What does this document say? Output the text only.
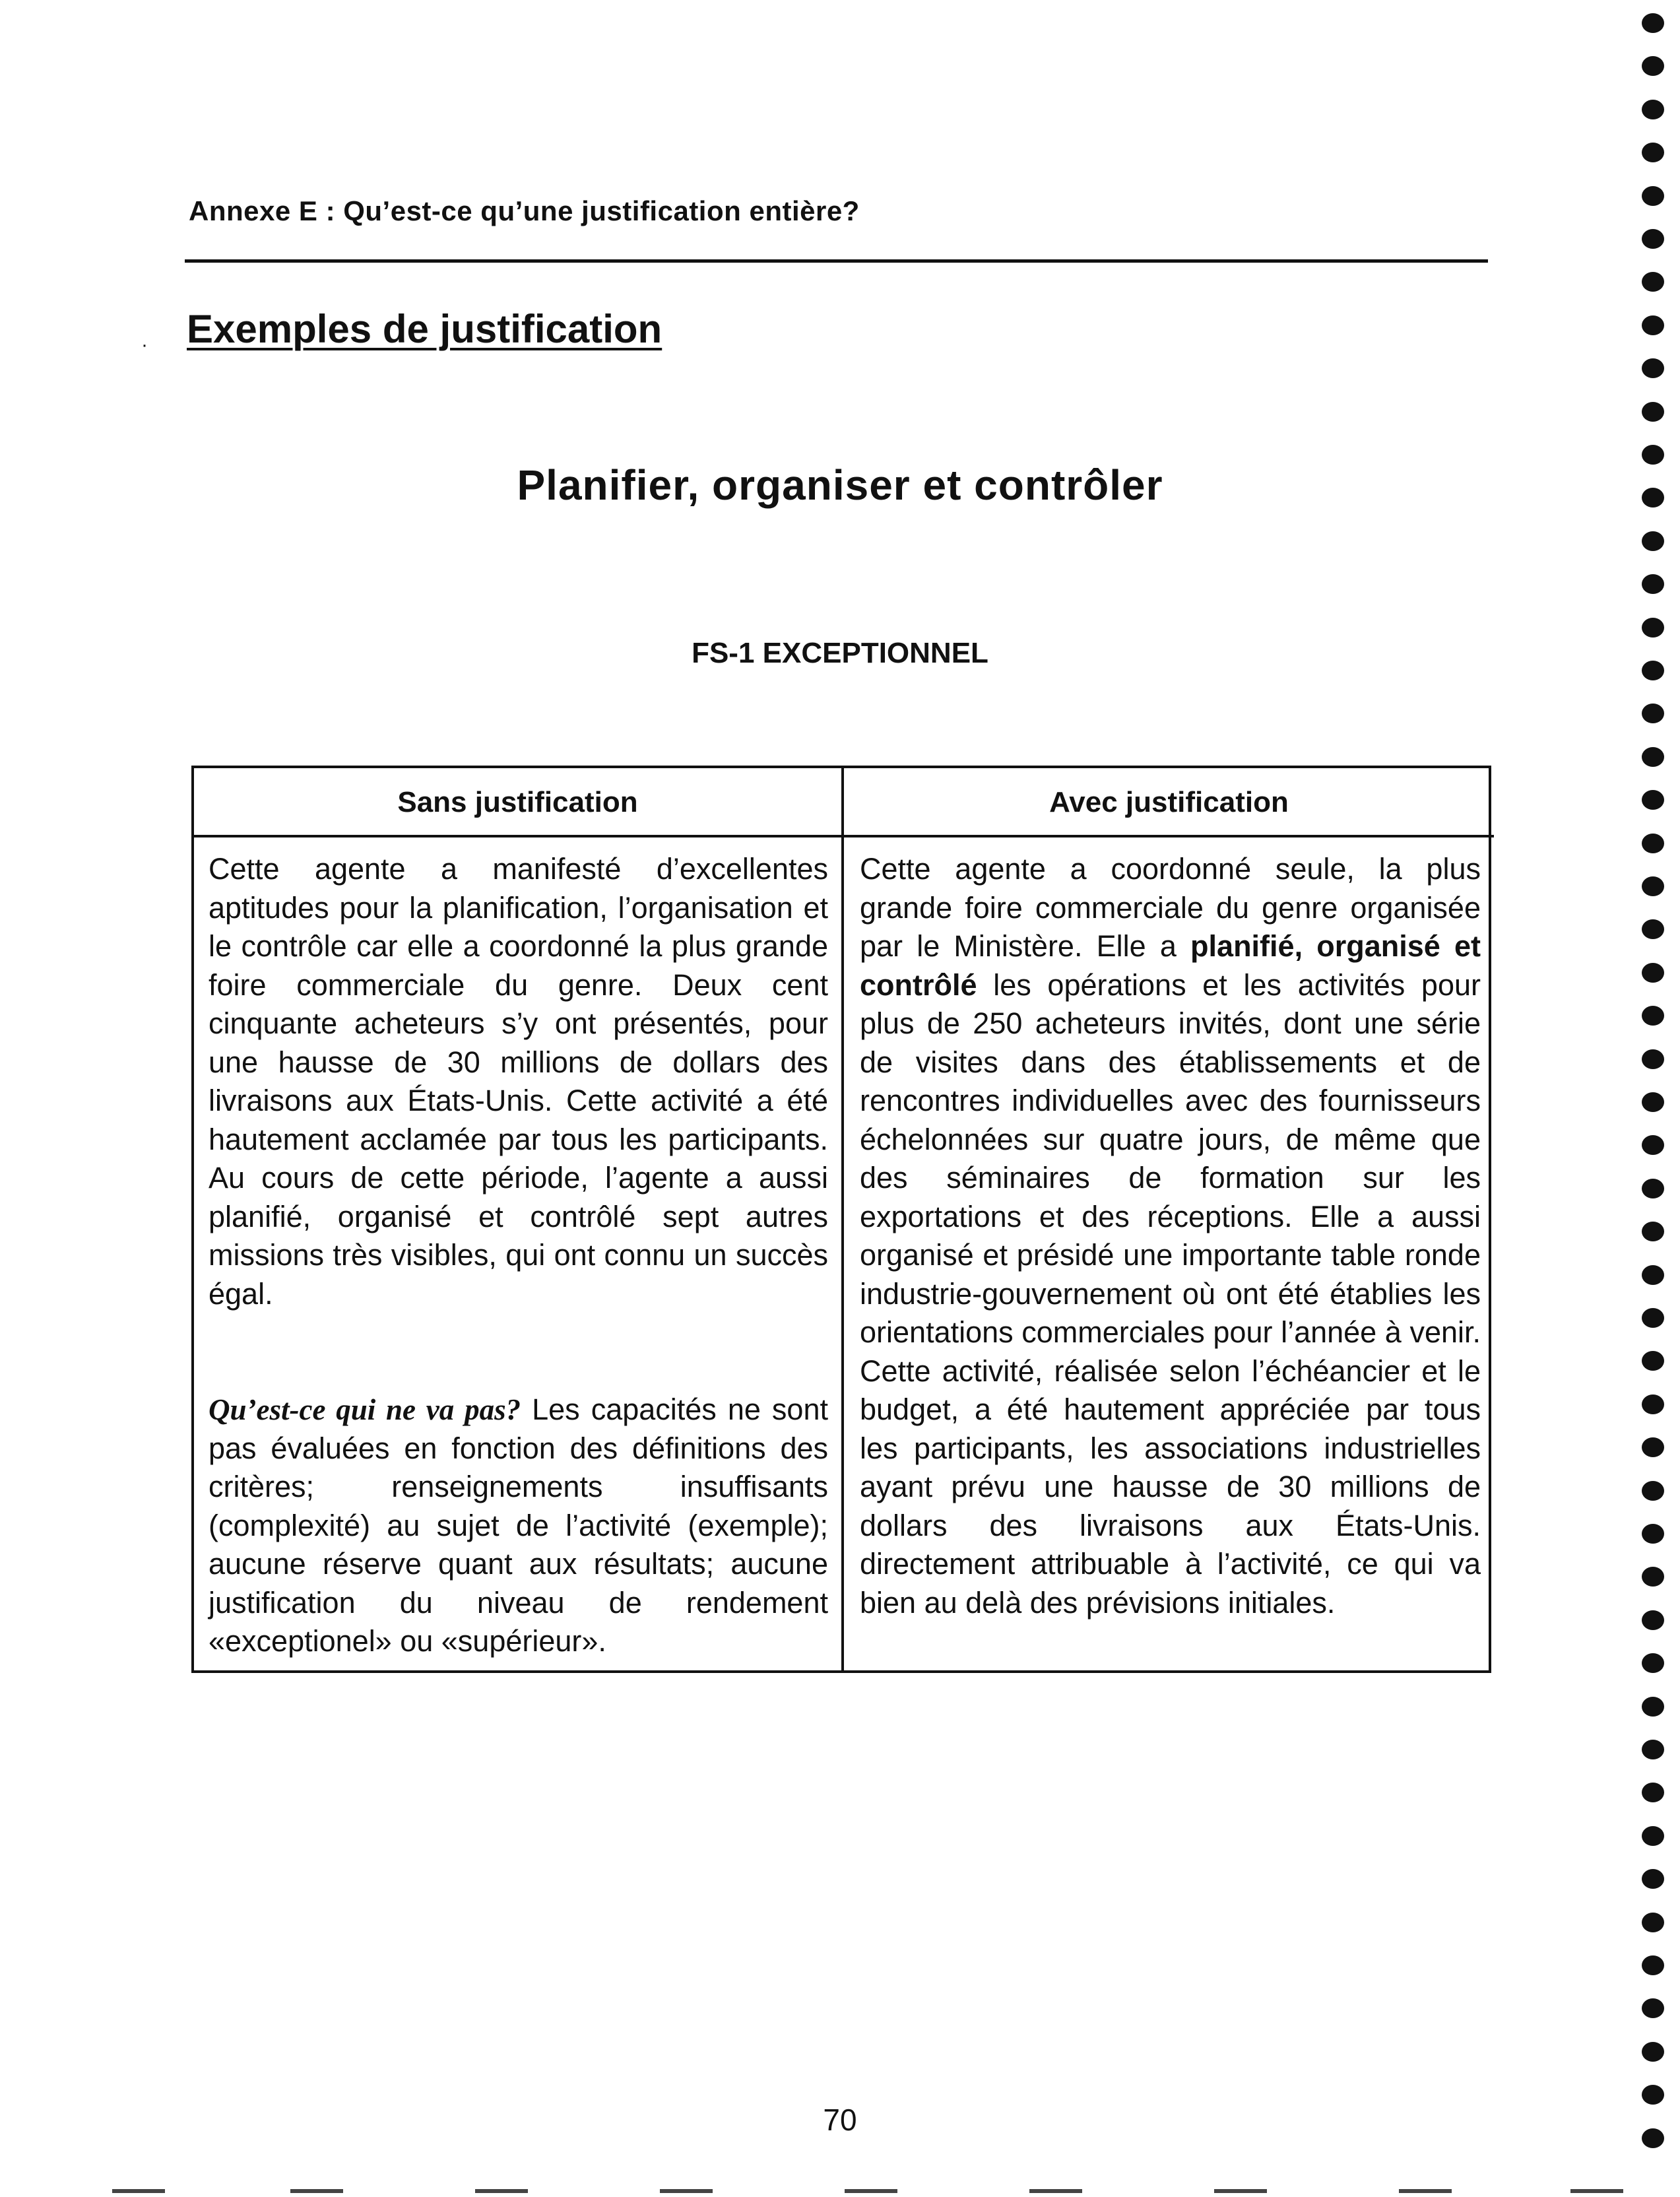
Annexe E : Qu’est-ce qu’une justification entière?
· Exemples de justification
Planifier, organiser et contrôler
FS-1 EXCEPTIONNEL
Sans justification	Avec justification

Cette agente a manifesté d’excellentes aptitudes pour la planification, l’organisation et le contrôle car elle a coordonné la plus grande foire commerciale du genre. Deux cent cinquante acheteurs s’y ont présentés, pour une hausse de 30 millions de dollars des livraisons aux États-Unis. Cette activité a été hautement acclamée par tous les participants. Au cours de cette période, l’agente a aussi planifié, organisé et contrôlé sept autres missions très visibles, qui ont connu un succès égal.

Qu’est-ce qui ne va pas? Les capacités ne sont pas évaluées en fonction des définitions des critères; renseignements insuffisants (complexité) au sujet de l’activité (exemple); aucune réserve quant aux résultats; aucune justification du niveau de rendement «exceptionel» ou «supérieur».

Cette agente a coordonné seule, la plus grande foire commerciale du genre organisée par le Ministère. Elle a planifié, organisé et contrôlé les opérations et les activités pour plus de 250 acheteurs invités, dont une série de visites dans des établissements et de rencontres individuelles avec des fournisseurs échelonnées sur quatre jours, de même que des séminaires de formation sur les exportations et des réceptions. Elle a aussi organisé et présidé une importante table ronde industrie-gouvernement où ont été établies les orientations commerciales pour l’année à venir. Cette activité, réalisée selon l’échéancier et le budget, a été hautement appréciée par tous les participants, les associations industrielles ayant prévu une hausse de 30 millions de dollars des livraisons aux États-Unis. directement attribuable à l’activité, ce qui va bien au delà des prévisions initiales.

70
